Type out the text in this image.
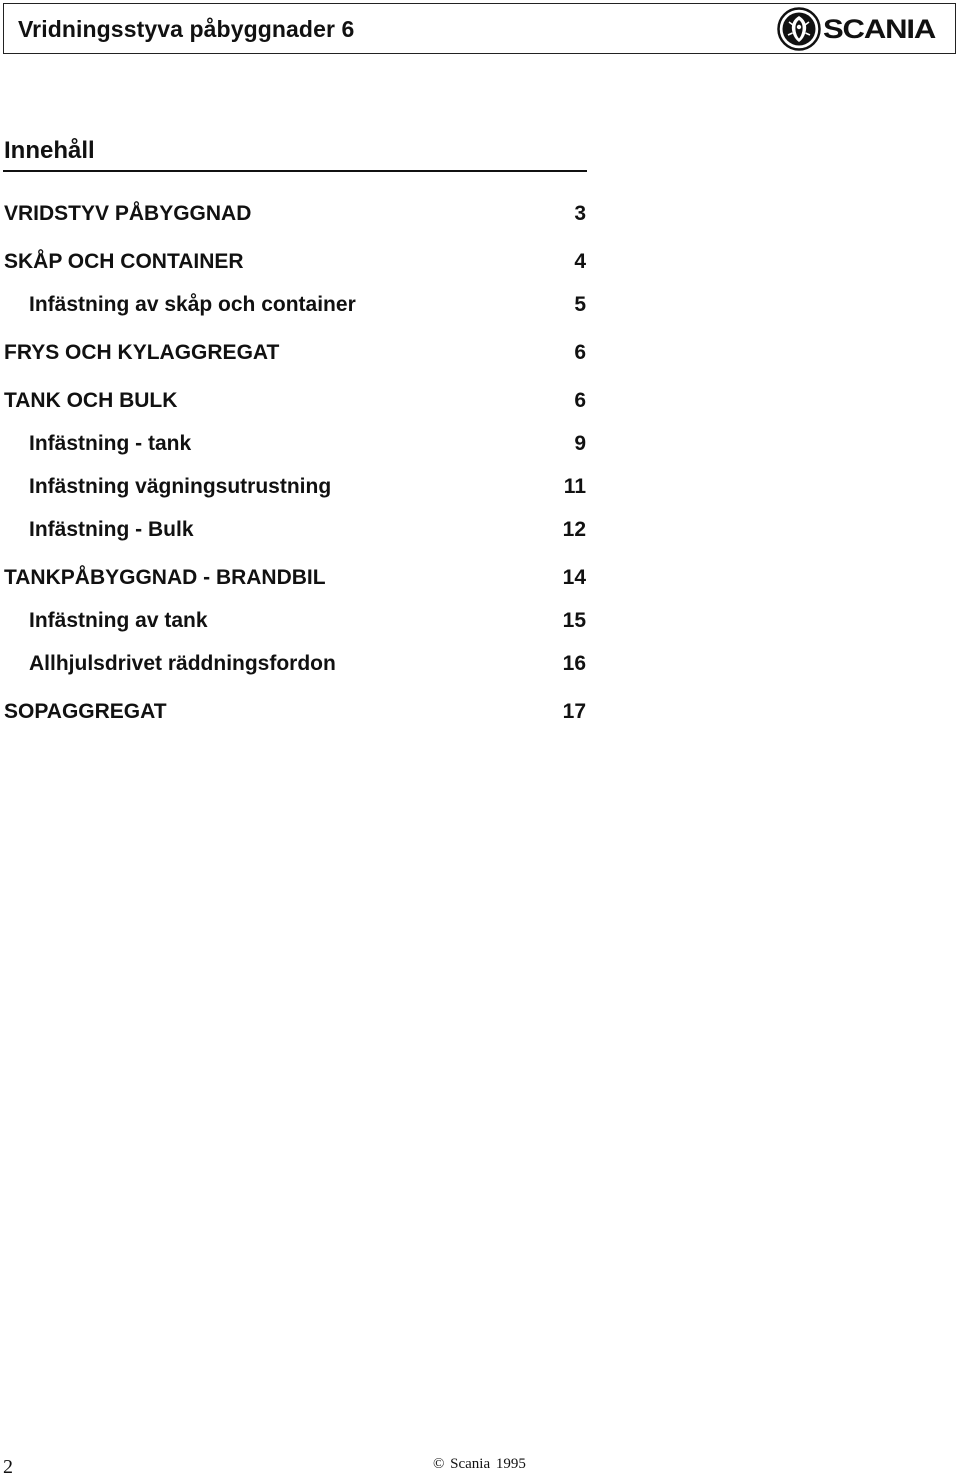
Vridningsstyva påbyggnader 6	SCANIA
Innehåll
VRIDSTYV PÅBYGGNAD	3
SKÅP OCH CONTAINER	4
Infästning av skåp och container	5
FRYS OCH KYLAGGREGAT	6
TANK OCH BULK	6
Infästning - tank	9
Infästning vägningsutrustning	11
Infästning - Bulk	12
TANKPÅBYGGNAD - BRANDBIL	14
Infästning av tank	15
Allhjulsdrivet räddningsfordon	16
SOPAGGREGAT	17
2	© Scania 1995
